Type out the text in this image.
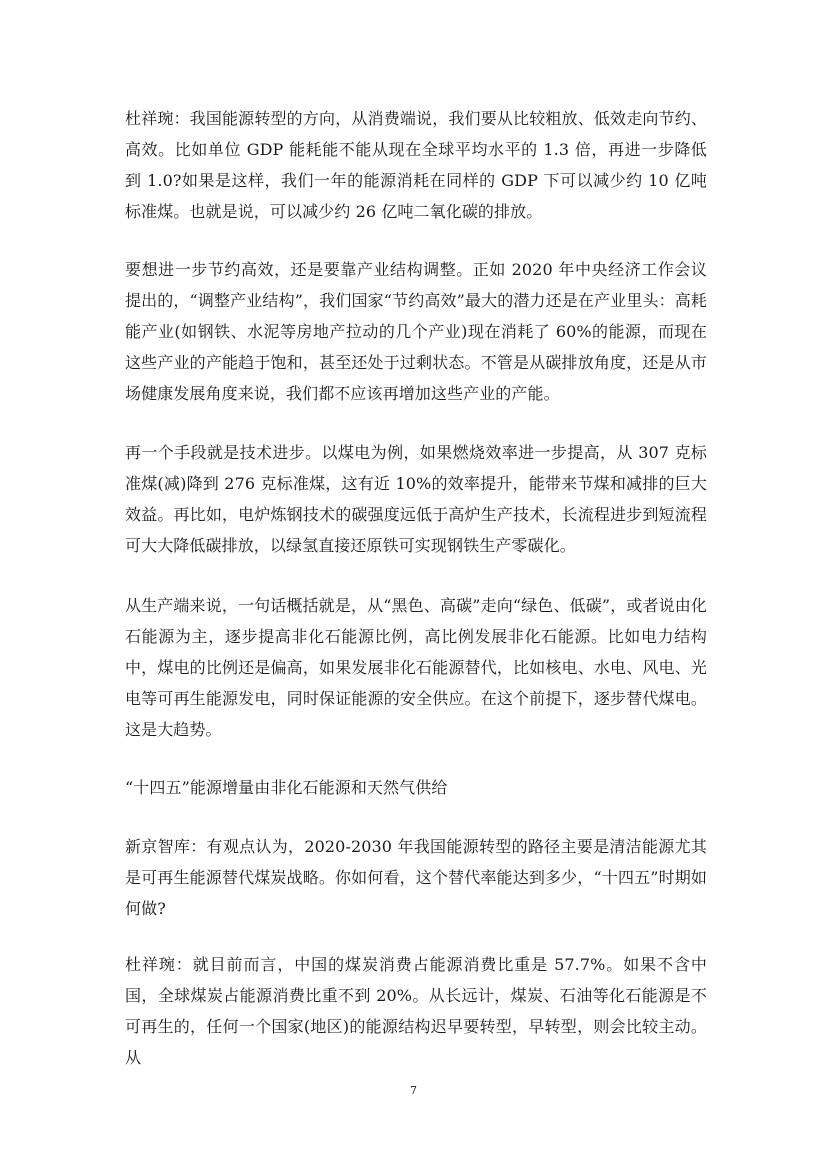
杜祥琬：我国能源转型的方向，从消费端说，我们要从比较粗放、低效走向节约、高效。比如单位 GDP 能耗能不能从现在全球平均水平的 1.3 倍，再进一步降低到 1.0?如果是这样，我们一年的能源消耗在同样的 GDP 下可以减少约 10 亿吨标准煤。也就是说，可以减少约 26 亿吨二氧化碳的排放。

要想进一步节约高效，还是要靠产业结构调整。正如 2020 年中央经济工作会议提出的，“调整产业结构”，我们国家“节约高效”最大的潜力还是在产业里头：高耗能产业(如钢铁、水泥等房地产拉动的几个产业)现在消耗了 60%的能源，而现在这些产业的产能趋于饱和，甚至还处于过剩状态。不管是从碳排放角度，还是从市场健康发展角度来说，我们都不应该再增加这些产业的产能。

再一个手段就是技术进步。以煤电为例，如果燃烧效率进一步提高，从 307 克标准煤(减)降到 276 克标准煤，这有近 10%的效率提升，能带来节煤和减排的巨大效益。再比如，电炉炼钢技术的碳强度远低于高炉生产技术，长流程进步到短流程可大大降低碳排放，以绿氢直接还原铁可实现钢铁生产零碳化。

从生产端来说，一句话概括就是，从“黑色、高碳”走向“绿色、低碳”，或者说由化石能源为主，逐步提高非化石能源比例，高比例发展非化石能源。比如电力结构中，煤电的比例还是偏高，如果发展非化石能源替代，比如核电、水电、风电、光电等可再生能源发电，同时保证能源的安全供应。在这个前提下，逐步替代煤电。这是大趋势。

“十四五”能源增量由非化石能源和天然气供给

新京智库：有观点认为，2020-2030 年我国能源转型的路径主要是清洁能源尤其是可再生能源替代煤炭战略。你如何看，这个替代率能达到多少，“十四五”时期如何做?

杜祥琬：就目前而言，中国的煤炭消费占能源消费比重是 57.7%。如果不含中国，全球煤炭占能源消费比重不到 20%。从长远计，煤炭、石油等化石能源是不可再生的，任何一个国家(地区)的能源结构迟早要转型，早转型，则会比较主动。从

7
